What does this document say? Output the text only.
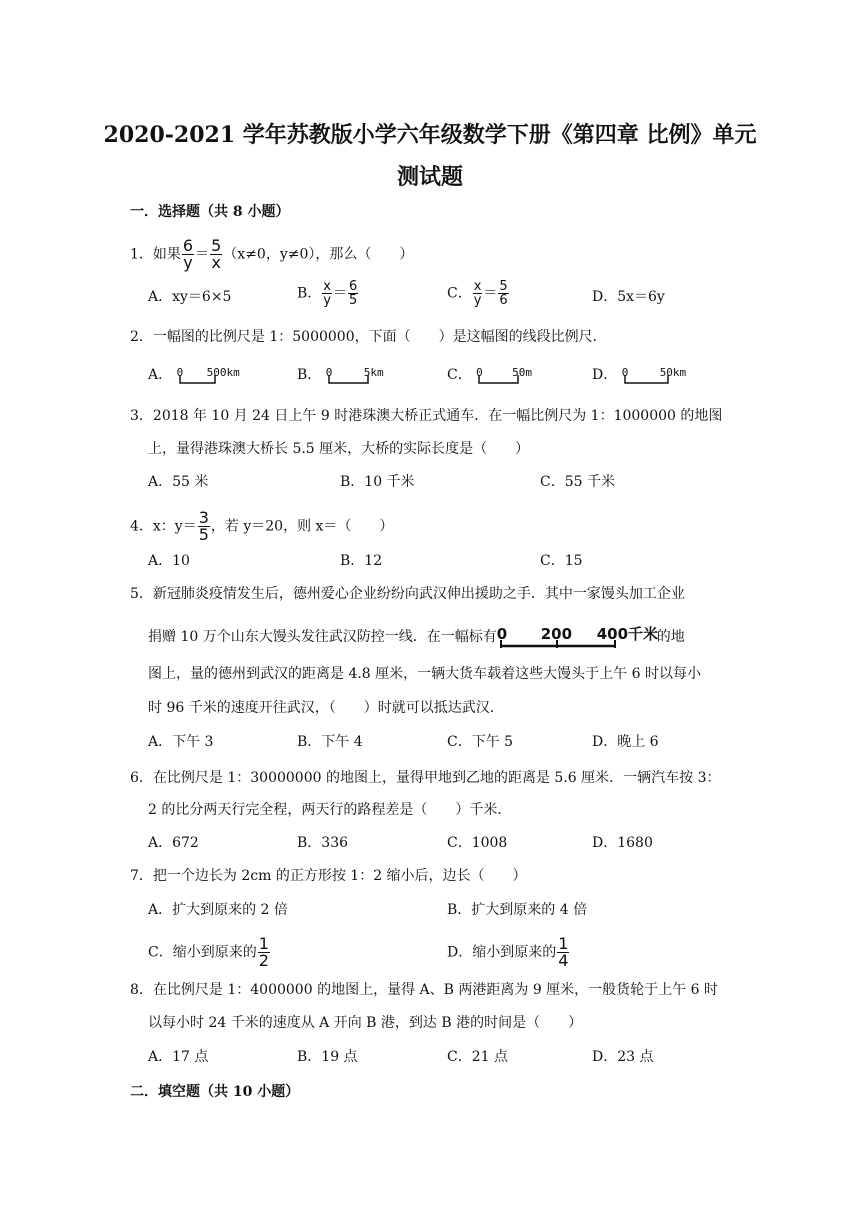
2020-2021 学年苏教版小学六年级数学下册《第四章 比例》单元
测试题
一．选择题（共 8 小题）
1．如果 $\frac{6}{y} = \frac{5}{x} (x\ne 0$，y≠0），那么（　　）
A．xy＝6×5	B． $\frac{x}{y} = \frac{6}{5}$	C． $\frac{x}{y} = \frac{5}{6}$	D．5x＝6y
2．一幅图的比例尺是 1：5000000，下面（　　）是这幅图的线段比例尺．
A． 0 500km	B． 0	5km	C． 0	50m	D． 0	50km
3．2018 年 10 月 24 日上午 9 时港珠澳大桥正式通车．在一幅比例尺为 1：1000000 的地图
上，量得港珠澳大桥长 5.5 厘米，大桥的实际长度是（　　）
A．55 米	B．10 千米	C．55 千米
4．x：$y= \frac{3}{5}$ ，若 y＝20，则 x＝（　　）
A．10	B．12	C．15
5．新冠肺炎疫情发生后，德州爱心企业纷纷向武汉伸出援助之手．其中一家馒头加工企业
捐赠 10 万个山东大馒头发往武汉防控一线．在一幅标有 0 200 400千米
的地
图上，量的德州到武汉的距离是 4.8 厘米，一辆大货车载着这些大馒头于上午 6 时以每小
时 96 千米的速度开往武汉，（　　）时就可以抵达武汉．
A．下午 3	B．下午 4	C．下午 5	D．晚上 6
6．在比例尺是 1：30000000 的地图上，量得甲地到乙地的距离是 5.6 厘米．一辆汽车按 3：
2 的比分两天行完全程，两天行的路程差是（　　）千米．
A．672	B．336	C．1008	D．1680
7．把一个边长为 2cm 的正方形按 1：2 缩小后，边长（　　）
A．扩大到原来的 2 倍	B．扩大到原来的 4 倍
C．缩小到原来的 $\frac{1}{2}$	D．缩小到原来的 $\frac{1}{4}$
8．在比例尺是 1：4000000 的地图上，量得 A、B 两港距离为 9 厘米，一般货轮于上午 6 时
以每小时 24 千米的速度从 A 开向 B 港，到达 B 港的时间是（　　）
A．17 点	B．19 点	C．21 点	D．23 点
二．填空题（共 10 小题）
